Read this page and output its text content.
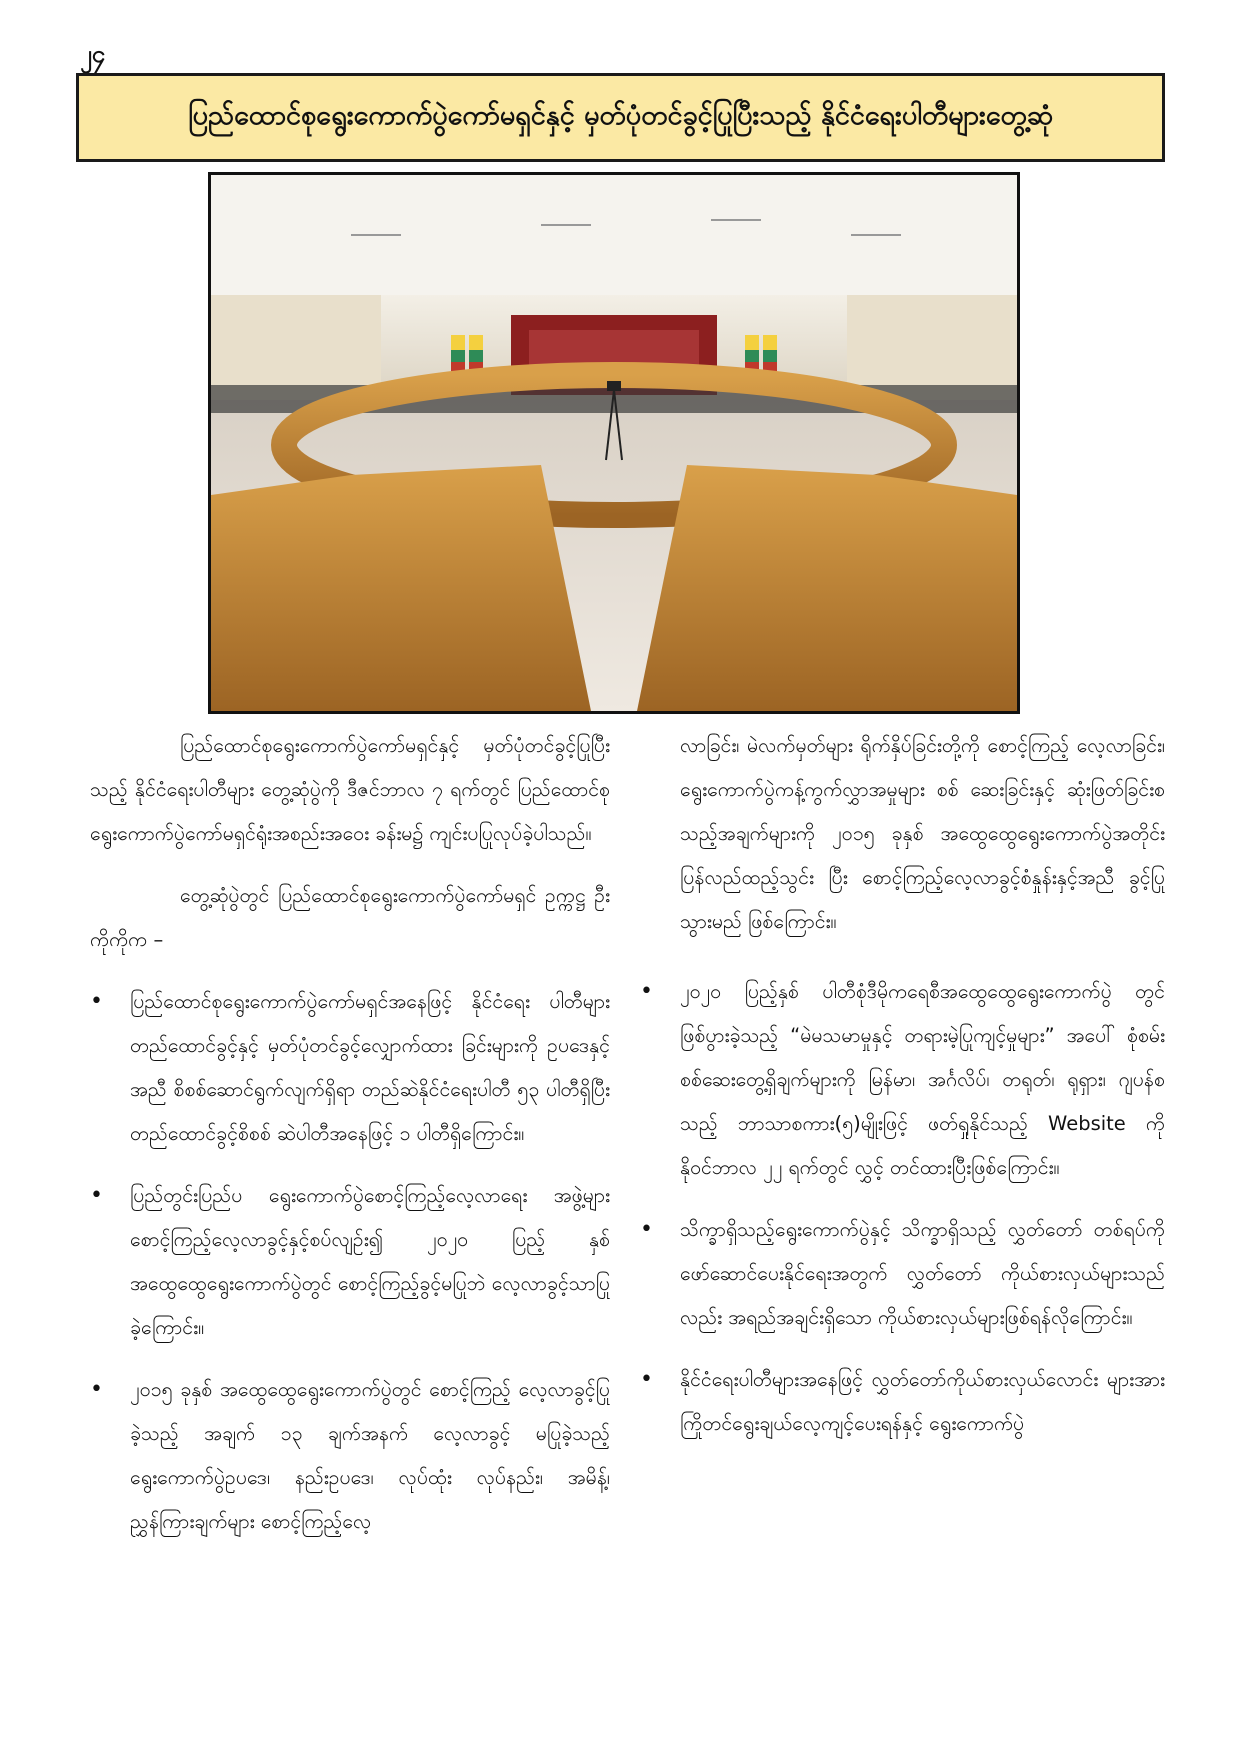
၂၄
ပြည်ထောင်စုရွေးကောက်ပွဲကော်မရှင်နှင့် မှတ်ပုံတင်ခွင့်ပြုပြီးသည့် နိုင်ငံရေးပါတီများတွေ့ဆုံ

ပြည်ထောင်စုရွေးကောက်ပွဲကော်မရှင်နှင့် မှတ်ပုံတင်ခွင့်ပြုပြီးသည့် နိုင်ငံရေးပါတီများ တွေ့ဆုံပွဲကို ဒီဇင်ဘာလ ၇ ရက်တွင် ပြည်ထောင်စုရွေးကောက်ပွဲကော်မရှင်ရုံးအစည်းအဝေး ခန်းမ၌ ကျင်းပပြုလုပ်ခဲ့ပါသည်။

တွေ့ဆုံပွဲတွင် ပြည်ထောင်စုရွေးကောက်ပွဲကော်မရှင် ဥက္ကဋ္ဌ ဦးကိုကိုက –

• ပြည်ထောင်စုရွေးကောက်ပွဲကော်မရှင်အနေဖြင့် နိုင်ငံရေး ပါတီများတည်ထောင်ခွင့်နှင့် မှတ်ပုံတင်ခွင့်လျှောက်ထား ခြင်းများကို ဥပဒေနှင့်အညီ စိစစ်ဆောင်ရွက်လျက်ရှိရာ တည်ဆဲနိုင်ငံရေးပါတီ ၅၃ ပါတီရှိပြီး တည်ထောင်ခွင့်စိစစ် ဆဲပါတီအနေဖြင့် ၁ ပါတီရှိကြောင်း။
• ပြည်တွင်းပြည်ပ ရွေးကောက်ပွဲစောင့်ကြည့်လေ့လာရေး အဖွဲ့များ စောင့်ကြည့်လေ့လာခွင့်နှင့်စပ်လျဉ်း၍ ၂၀၂၀ ပြည့် နှစ် အထွေထွေရွေးကောက်ပွဲတွင် စောင့်ကြည့်ခွင့်မပြုဘဲ လေ့လာခွင့်သာပြုခဲ့ကြောင်း။
• ၂၀၁၅ ခုနှစ် အထွေထွေရွေးကောက်ပွဲတွင် စောင့်ကြည့် လေ့လာခွင့်ပြုခဲ့သည့် အချက် ၁၃ ချက်အနက် လေ့လာခွင့် မပြုခဲ့သည့် ရွေးကောက်ပွဲဥပဒေ၊ နည်းဥပဒေ၊ လုပ်ထုံး လုပ်နည်း၊ အမိန့်၊ ညွှန်ကြားချက်များ စောင့်ကြည့်လေ့

လာခြင်း၊ မဲလက်မှတ်များ ရိုက်နှိပ်ခြင်းတို့ကို စောင့်ကြည့် လေ့လာခြင်း၊ ရွေးကောက်ပွဲကန့်ကွက်လွှာအမှုများ စစ် ဆေးခြင်းနှင့် ဆုံးဖြတ်ခြင်းစသည့်အချက်များကို ၂၀၁၅ ခုနှစ် အထွေထွေရွေးကောက်ပွဲအတိုင်း ပြန်လည်ထည့်သွင်း ပြီး စောင့်ကြည့်လေ့လာခွင့်စံနှုန်းနှင့်အညီ ခွင့်ပြုသွားမည် ဖြစ်ကြောင်း။

• ၂၀၂၀ ပြည့်နှစ် ပါတီစုံဒီမိုကရေစီအထွေထွေရွေးကောက်ပွဲ တွင် ဖြစ်ပွားခဲ့သည့် “မဲမသမာမှုနှင့် တရားမဲ့ပြုကျင့်မှုများ” အပေါ် စုံစမ်းစစ်ဆေးတွေ့ရှိချက်များကို မြန်မာ၊ အင်္ဂလိပ်၊ တရုတ်၊ ရုရှား၊ ဂျပန်စသည့် ဘာသာစကား(၅)မျိုးဖြင့် ဖတ်ရှုနိုင်သည့် Website ကို နိုဝင်ဘာလ ၂၂ ရက်တွင် လွှင့် တင်ထားပြီးဖြစ်ကြောင်း။
• သိက္ခာရှိသည့်ရွေးကောက်ပွဲနှင့် သိက္ခာရှိသည့် လွှတ်တော် တစ်ရပ်ကို ဖော်ဆောင်ပေးနိုင်ရေးအတွက် လွှတ်တော် ကိုယ်စားလှယ်များသည်လည်း အရည်အချင်းရှိသော ကိုယ်စားလှယ်များဖြစ်ရန်လိုကြောင်း။
• နိုင်ငံရေးပါတီများအနေဖြင့် လွှတ်တော်ကိုယ်စားလှယ်လောင်း များအား ကြိုတင်ရွေးချယ်လေ့ကျင့်ပေးရန်နှင့် ရွေးကောက်ပွဲ
